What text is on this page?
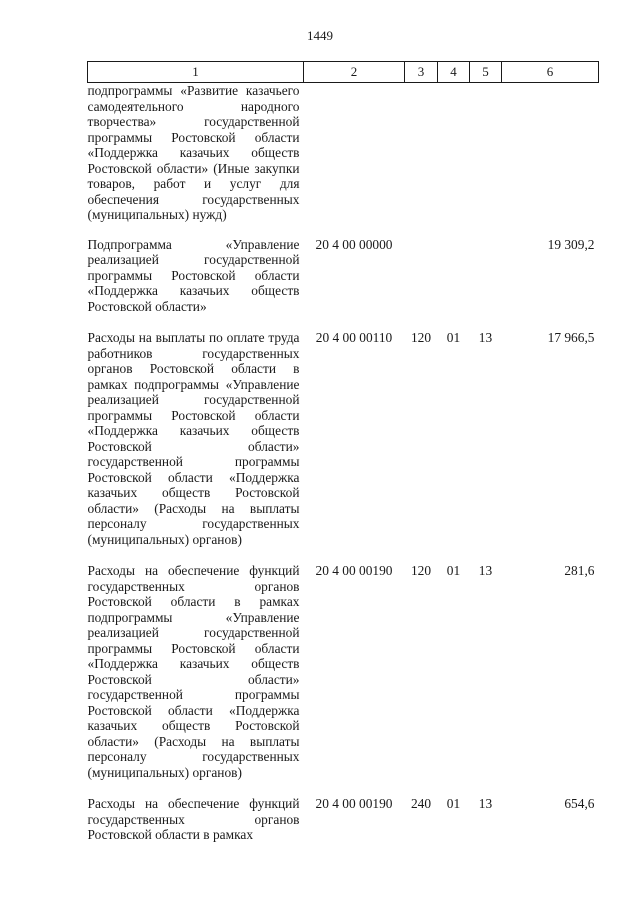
1449
1	2	3	4	5	6

подпрограммы «Развитие казачьего самодеятельного народного творчества» государственной программы Ростовской области «Поддержка казачьих обществ Ростовской области» (Иные закупки товаров, работ и услуг для обеспечения государственных (муниципальных) нужд)					

Подпрограмма «Управление реализацией государственной программы Ростовской области «Поддержка казачьих обществ Ростовской области»	20 4 00 00000				19 309,2

Расходы на выплаты по оплате труда работников государственных органов Ростовской области в рамках подпрограммы «Управление реализацией государственной программы Ростовской области «Поддержка казачьих обществ Ростовской области» государственной программы Ростовской области «Поддержка казачьих обществ Ростовской области» (Расходы на выплаты персоналу государственных (муниципальных) органов)	20 4 00 00110	120	01	13	17 966,5

Расходы на обеспечение функций государственных органов Ростовской области в рамках подпрограммы «Управление реализацией государственной программы Ростовской области «Поддержка казачьих обществ Ростовской области» государственной программы Ростовской области «Поддержка казачьих обществ Ростовской области» (Расходы на выплаты персоналу государственных (муниципальных) органов)	20 4 00 00190	120	01	13	281,6

Расходы на обеспечение функций государственных органов Ростовской области в рамках	20 4 00 00190	240	01	13	654,6
